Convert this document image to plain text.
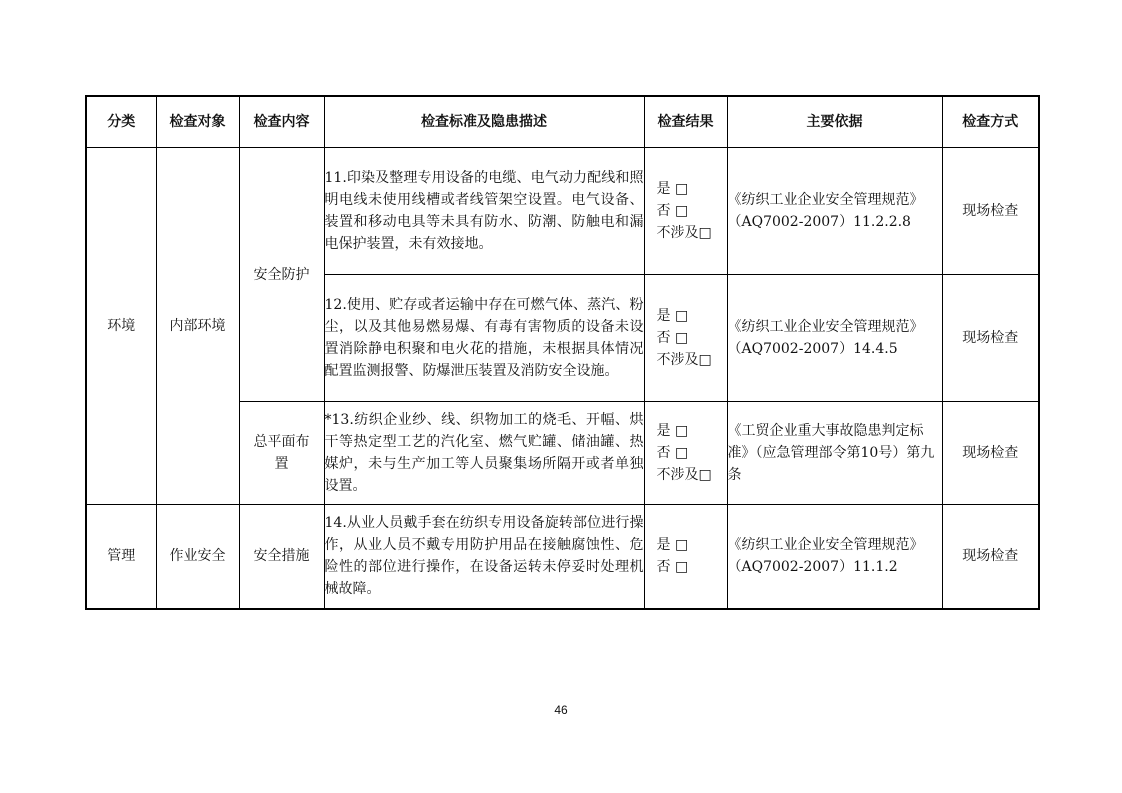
分类	检查对象	检查内容	检查标准及隐患描述	检查结果	主要依据	检查方式
环境	内部环境	安全防护	11.印染及整理专用设备的电缆、电气动力配线和照明电线未使用线槽或者线管架空设置。电气设备、装置和移动电具等未具有防水、防潮、防触电和漏电保护装置，未有效接地。	是 □
否 □
不涉及□	《纺织工业企业安全管理规范》（AQ7002-2007）11.2.2.8	现场检查
			12.使用、贮存或者运输中存在可燃气体、蒸汽、粉尘，以及其他易燃易爆、有毒有害物质的设备未设置消除静电积聚和电火花的措施，未根据具体情况配置监测报警、防爆泄压装置及消防安全设施。	是 □
否 □
不涉及□	《纺织工业企业安全管理规范》（AQ7002-2007）14.4.5	现场检查
		总平面布置	*13.纺织企业纱、线、织物加工的烧毛、开幅、烘干等热定型工艺的汽化室、燃气贮罐、储油罐、热媒炉，未与生产加工等人员聚集场所隔开或者单独设置。	是 □
否 □
不涉及□	《工贸企业重大事故隐患判定标准》（应急管理部令第10号）第九条	现场检查
管理	作业安全	安全措施	14.从业人员戴手套在纺织专用设备旋转部位进行操作，从业人员不戴专用防护用品在接触腐蚀性、危险性的部位进行操作，在设备运转未停妥时处理机械故障。	是 □
否 □	《纺织工业企业安全管理规范》（AQ7002-2007）11.1.2	现场检查
46
